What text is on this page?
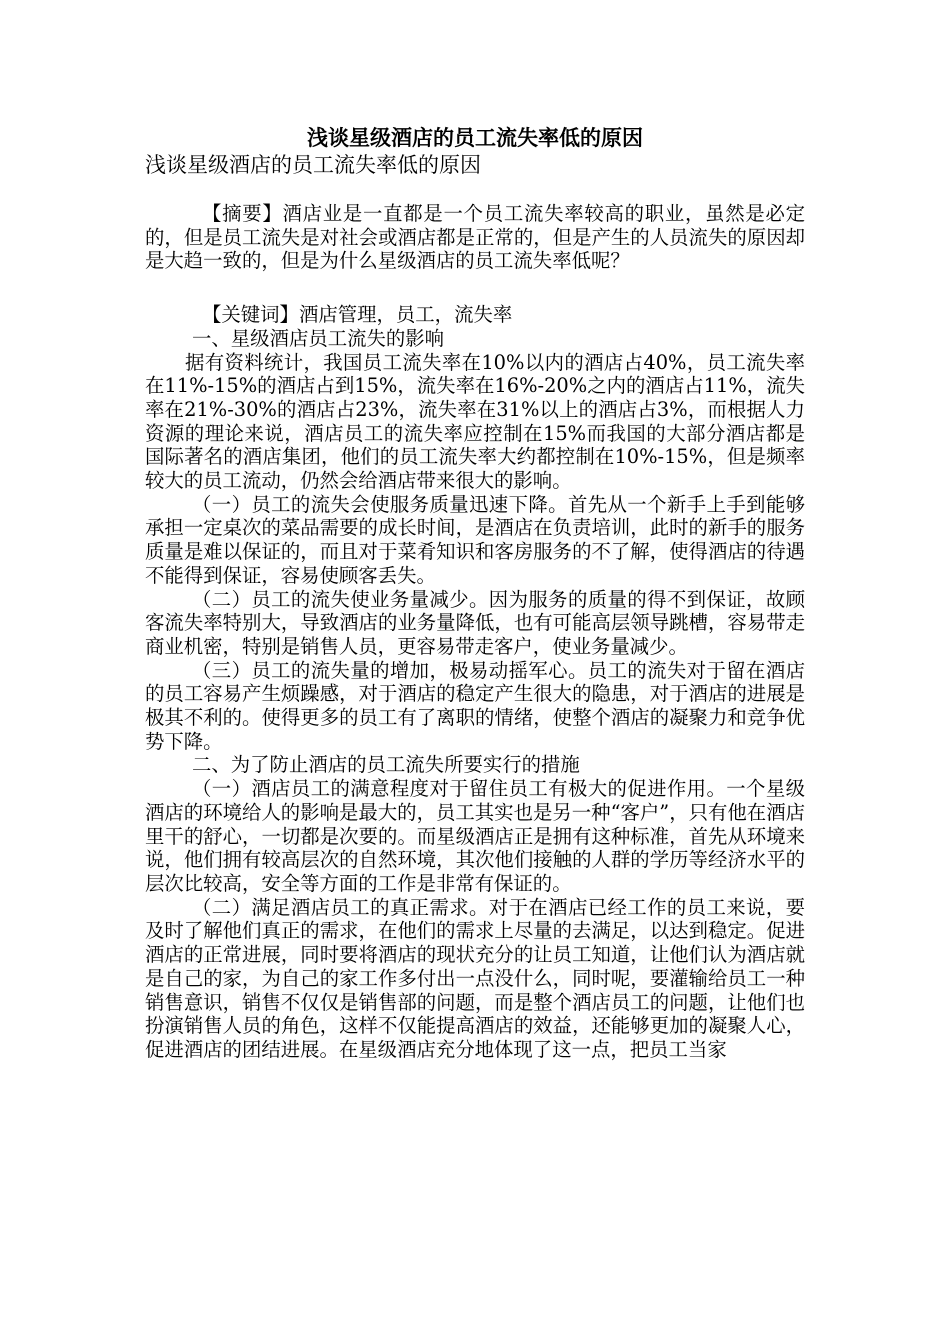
浅谈星级酒店的员工流失率低的原因

浅谈星级酒店的员工流失率低的原因

【摘要】酒店业是一直都是一个员工流失率较高的职业，虽然是必定的，但是员工流失是对社会或酒店都是正常的，但是产生的人员流失的原因却是大趋一致的，但是为什么星级酒店的员工流失率低呢？

【关键词】酒店管理，员工，流失率

一、星级酒店员工流失的影响

据有资料统计，我国员工流失率在10%以内的酒店占40%，员工流失率在11%-15%的酒店占到15%，流失率在16%-20%之内的酒店占11%，流失率在21%-30%的酒店占23%，流失率在31%以上的酒店占3%，而根据人力资源的理论来说，酒店员工的流失率应控制在15%而我国的大部分酒店都是国际著名的酒店集团，他们的员工流失率大约都控制在10%-15%，但是频率较大的员工流动，仍然会给酒店带来很大的影响。

（一）员工的流失会使服务质量迅速下降。首先从一个新手上手到能够承担一定桌次的菜品需要的成长时间，是酒店在负责培训，此时的新手的服务质量是难以保证的，而且对于菜肴知识和客房服务的不了解，使得酒店的待遇不能得到保证，容易使顾客丢失。

（二）员工的流失使业务量减少。因为服务的质量的得不到保证，故顾客流失率特别大，导致酒店的业务量降低，也有可能高层领导跳槽，容易带走商业机密，特别是销售人员，更容易带走客户，使业务量减少。

（三）员工的流失量的增加，极易动摇军心。员工的流失对于留在酒店的员工容易产生烦躁感，对于酒店的稳定产生很大的隐患，对于酒店的进展是极其不利的。使得更多的员工有了离职的情绪，使整个酒店的凝聚力和竞争优势下降。

二、为了防止酒店的员工流失所要实行的措施

（一）酒店员工的满意程度对于留住员工有极大的促进作用。一个星级酒店的环境给人的影响是最大的，员工其实也是另一种“客户”，只有他在酒店里干的舒心，一切都是次要的。而星级酒店正是拥有这种标准，首先从环境来说，他们拥有较高层次的自然环境，其次他们接触的人群的学历等经济水平的层次比较高，安全等方面的工作是非常有保证的。

（二）满足酒店员工的真正需求。对于在酒店已经工作的员工来说，要及时了解他们真正的需求，在他们的需求上尽量的去满足，以达到稳定。促进酒店的正常进展，同时要将酒店的现状充分的让员工知道，让他们认为酒店就是自己的家，为自己的家工作多付出一点没什么，同时呢，要灌输给员工一种销售意识，销售不仅仅是销售部的问题，而是整个酒店员工的问题，让他们也扮演销售人员的角色，这样不仅能提高酒店的效益，还能够更加的凝聚人心，促进酒店的团结进展。在星级酒店充分地体现了这一点，把员工当家
